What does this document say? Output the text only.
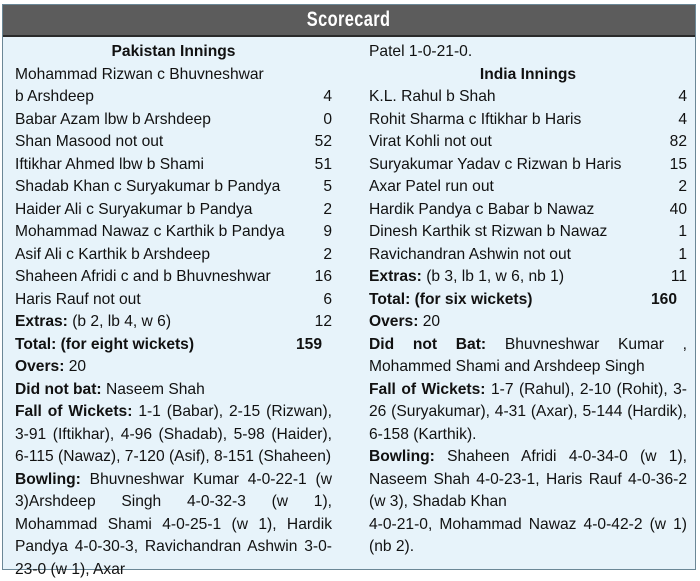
Scorecard
Pakistan Innings
Mohammad Rizwan c Bhuvneshwar
b Arshdeep	4
Babar Azam lbw b Arshdeep	0
Shan Masood not out	52
Iftikhar Ahmed lbw b Shami	51
Shadab Khan c Suryakumar b Pandya	5
Haider Ali c Suryakumar b Pandya	2
Mohammad Nawaz c Karthik b Pandya 9
Asif Ali c Karthik b Arshdeep	2
Shaheen Afridi c and b Bhuvneshwar	16
Haris Rauf not out	6
Extras: (b 2, lb 4, w 6)	12
Total: (for eight wickets)	159
Overs: 20
Did not bat: Naseem Shah
Fall of Wickets: 1-1 (Babar), 2-15 (Rizwan), 3-91 (Iftikhar), 4-96 (Shadab), 5-98 (Haider), 6-115 (Nawaz), 7-120 (Asif), 8-151 (Shaheen)
Bowling: Bhuvneshwar Kumar 4-0-22-1 (w 3)Arshdeep Singh 4-0-32-3 (w 1), Mohammad Shami 4-0-25-1 (w 1), Hardik Pandya 4-0-30-3, Ravichandran Ashwin 3-0-23-0 (w 1), Axar
Patel 1-0-21-0.
India Innings
K.L. Rahul b Shah	4
Rohit Sharma c Iftikhar b Haris	4
Virat Kohli not out	82
Suryakumar Yadav c Rizwan b Haris	15
Axar Patel run out	2
Hardik Pandya c Babar b Nawaz	40
Dinesh Karthik st Rizwan b Nawaz	1
Ravichandran Ashwin not out	1
Extras: (b 3, lb 1, w 6, nb 1)	11
Total: (for six wickets)	160
Overs: 20
Did not Bat: Bhuvneshwar Kumar , Mohammed Shami and Arshdeep Singh
Fall of Wickets: 1-7 (Rahul), 2-10 (Rohit), 3-26 (Suryakumar), 4-31 (Axar), 5-144 (Hardik), 6-158 (Karthik).
Bowling: Shaheen Afridi 4-0-34-0 (w 1), Naseem Shah 4-0-23-1, Haris Rauf 4-0-36-2 (w 3), Shadab Khan
4-0-21-0, Mohammad Nawaz 4-0-42-2 (w 1) (nb 2).
